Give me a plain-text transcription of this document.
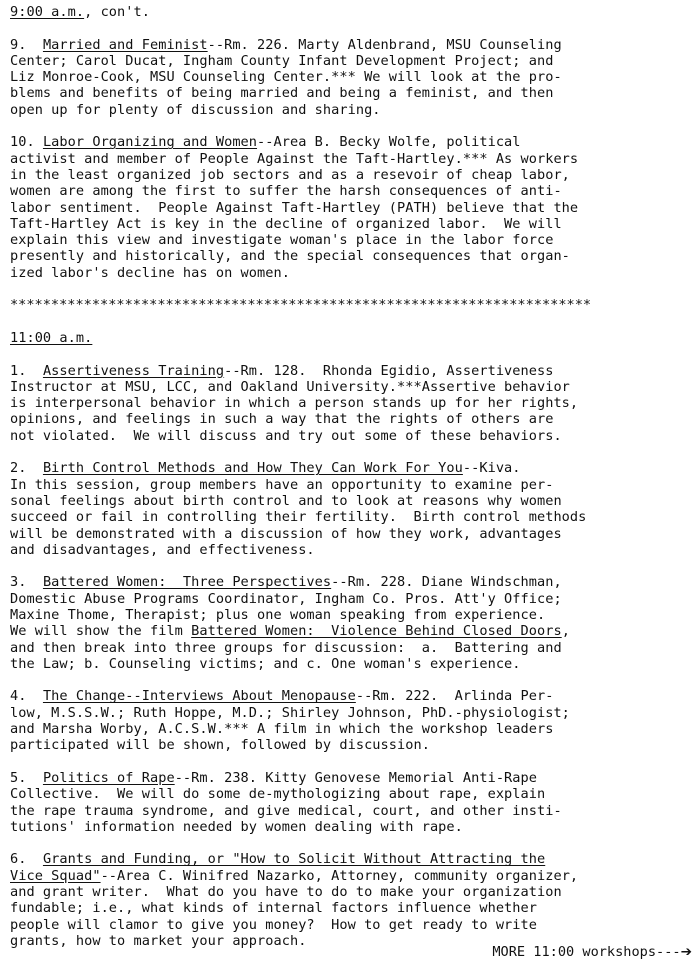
9:00 a.m., con't.
9.  Married and Feminist--Rm. 226. Marty Aldenbrand, MSU Counseling
Center; Carol Ducat, Ingham County Infant Development Project; and
Liz Monroe-Cook, MSU Counseling Center.*** We will look at the pro-
blems and benefits of being married and being a feminist, and then
open up for plenty of discussion and sharing.
10. Labor Organizing and Women--Area B. Becky Wolfe, political
activist and member of People Against the Taft-Hartley.*** As workers
in the least organized job sectors and as a resevoir of cheap labor,
women are among the first to suffer the harsh consequences of anti-
labor sentiment.  People Against Taft-Hartley (PATH) believe that the
Taft-Hartley Act is key in the decline of organized labor.  We will
explain this view and investigate woman's place in the labor force
presently and historically, and the special consequences that organ-
ized labor's decline has on women.
***********************************************************************
11:00 a.m.
1.  Assertiveness Training--Rm. 128.  Rhonda Egidio, Assertiveness
Instructor at MSU, LCC, and Oakland University.***Assertive behavior
is interpersonal behavior in which a person stands up for her rights,
opinions, and feelings in such a way that the rights of others are
not violated.  We will discuss and try out some of these behaviors.
2.  Birth Control Methods and How They Can Work For You--Kiva.
In this session, group members have an opportunity to examine per-
sonal feelings about birth control and to look at reasons why women
succeed or fail in controlling their fertility.  Birth control methods
will be demonstrated with a discussion of how they work, advantages
and disadvantages, and effectiveness.
3.  Battered Women:  Three Perspectives--Rm. 228. Diane Windschman,
Domestic Abuse Programs Coordinator, Ingham Co. Pros. Att'y Office;
Maxine Thome, Therapist; plus one woman speaking from experience.
We will show the film Battered Women:  Violence Behind Closed Doors,
and then break into three groups for discussion:  a.  Battering and
the Law; b. Counseling victims; and c. One woman's experience.
4.  The Change--Interviews About Menopause--Rm. 222.  Arlinda Per-
low, M.S.S.W.; Ruth Hoppe, M.D.; Shirley Johnson, PhD.-physiologist;
and Marsha Worby, A.C.S.W.*** A film in which the workshop leaders
participated will be shown, followed by discussion.
5.  Politics of Rape--Rm. 238. Kitty Genovese Memorial Anti-Rape
Collective.  We will do some de-mythologizing about rape, explain
the rape trauma syndrome, and give medical, court, and other insti-
tutions' information needed by women dealing with rape.
6.  Grants and Funding, or "How to Solicit Without Attracting the
Vice Squad"--Area C. Winifred Nazarko, Attorney, community organizer,
and grant writer.  What do you have to do to make your organization
fundable; i.e., what kinds of internal factors influence whether
people will clamor to give you money?  How to get ready to write
grants, how to market your approach.
MORE 11:00 workshops---➔
